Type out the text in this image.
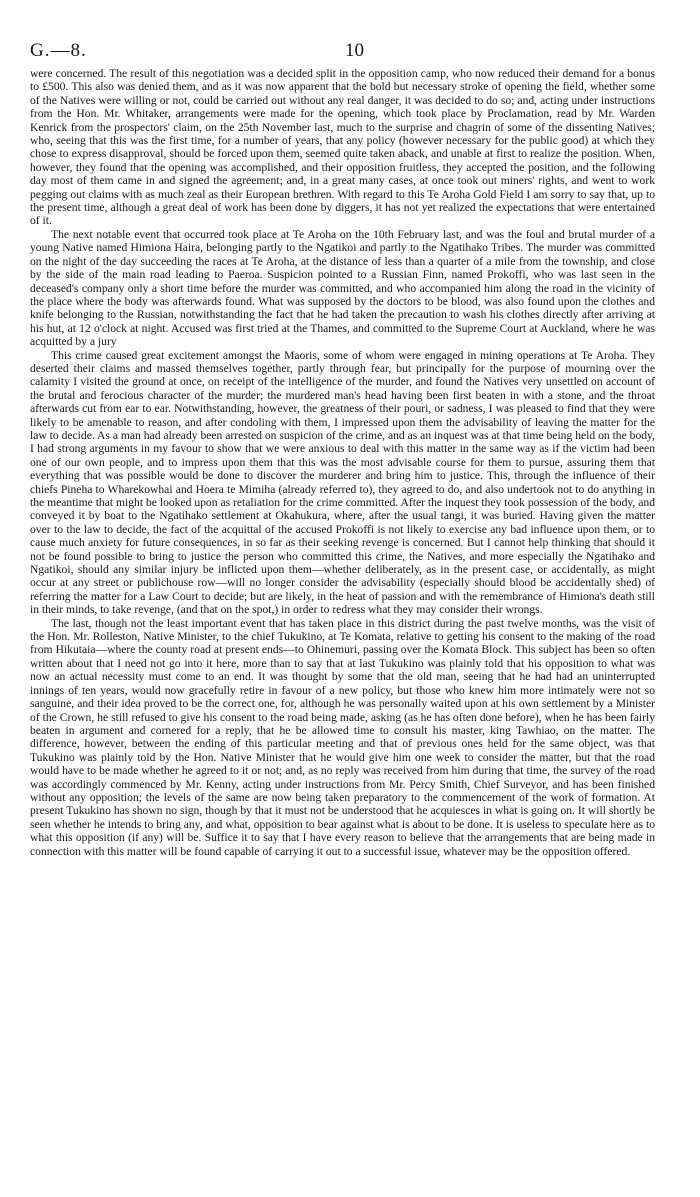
G.—8.	10

were concerned. The result of this negotiation was a decided split in the opposition camp, who now reduced their demand for a bonus to £500. This also was denied them, and as it was now apparent that the bold but necessary stroke of opening the field, whether some of the Natives were willing or not, could be carried out without any real danger, it was decided to do so; and, acting under instructions from the Hon. Mr. Whitaker, arrangements were made for the opening, which took place by Proclamation, read by Mr. Warden Kenrick from the prospectors' claim, on the 25th November last, much to the surprise and chagrin of some of the dissenting Natives; who, seeing that this was the first time, for a number of years, that any policy (however necessary for the public good) at which they chose to express disapproval, should be forced upon them, seemed quite taken aback, and unable at first to realize the position. When, however, they found that the opening was accomplished, and their opposition fruitless, they accepted the position, and the following day most of them came in and signed the agreement; and, in a great many cases, at once took out miners' rights, and went to work pegging out claims with as much zeal as their European brethren. With regard to this Te Aroha Gold Field I am sorry to say that, up to the present time, although a great deal of work has been done by diggers, it has not yet realized the expectations that were entertained of it.

The next notable event that occurred took place at Te Aroha on the 10th February last, and was the foul and brutal murder of a young Native named Himiona Haira, belonging partly to the Ngatikoi and partly to the Ngatihako Tribes. The murder was committed on the night of the day succeeding the races at Te Aroha, at the distance of less than a quarter of a mile from the township, and close by the side of the main road leading to Paeroa. Suspicion pointed to a Russian Finn, named Prokoffi, who was last seen in the deceased's company only a short time before the murder was committed, and who accompanied him along the road in the vicinity of the place where the body was afterwards found. What was supposed by the doctors to be blood, was also found upon the clothes and knife belonging to the Russian, notwithstanding the fact that he had taken the precaution to wash his clothes directly after arriving at his hut, at 12 o'clock at night. Accused was first tried at the Thames, and committed to the Supreme Court at Auckland, where he was acquitted by a jury

This crime caused great excitement amongst the Maoris, some of whom were engaged in mining operations at Te Aroha. They deserted their claims and massed themselves together, partly through fear, but principally for the purpose of mourning over the calamity I visited the ground at once, on receipt of the intelligence of the murder, and found the Natives very unsettled on account of the brutal and ferocious character of the murder; the murdered man's head having been first beaten in with a stone, and the throat afterwards cut from ear to ear. Notwithstanding, however, the greatness of their pouri, or sadness, I was pleased to find that they were likely to be amenable to reason, and after condoling with them, I impressed upon them the advisability of leaving the matter for the law to decide. As a man had already been arrested on suspicion of the crime, and as an inquest was at that time being held on the body, I had strong arguments in my favour to show that we were anxious to deal with this matter in the same way as if the victim had been one of our own people, and to impress upon them that this was the most advisable course for them to pursue, assuring them that everything that was possible would be done to discover the murderer and bring him to justice. This, through the influence of their chiefs Pineha to Wharekowhai and Hoera te Mimiha (already referred to), they agreed to do, and also undertook not to do anything in the meantime that might be looked upon as retaliation for the crime committed. After the inquest they took possession of the body, and conveyed it by boat to the Ngatihako settlement at Okahukura, where, after the usual tangi, it was buried. Having given the matter over to the law to decide, the fact of the acquittal of the accused Prokoffi is not likely to exercise any bad influence upon them, or to cause much anxiety for future consequences, in so far as their seeking revenge is concerned. But I cannot help thinking that should it not be found possible to bring to justice the person who committed this crime, the Natives, and more especially the Ngatihako and Ngatikoi, should any similar injury be inflicted upon them—whether deliberately, as in the present case, or accidentally, as might occur at any street or publichouse row—will no longer consider the advisability (especially should blood be accidentally shed) of referring the matter for a Law Court to decide; but are likely, in the heat of passion and with the remembrance of Himiona's death still in their minds, to take revenge, (and that on the spot,) in order to redress what they may consider their wrongs.

The last, though not the least important event that has taken place in this district during the past twelve months, was the visit of the Hon. Mr. Rolleston, Native Minister, to the chief Tukukino, at Te Komata, relative to getting his consent to the making of the road from Hikutaia—where the county road at present ends—to Ohinemuri, passing over the Komata Block. This subject has been so often written about that I need not go into it here, more than to say that at last Tukukino was plainly told that his opposition to what was now an actual necessity must come to an end. It was thought by some that the old man, seeing that he had had an uninterrupted innings of ten years, would now gracefully retire in favour of a new policy, but those who knew him more intimately were not so sanguine, and their idea proved to be the correct one, for, although he was personally waited upon at his own settlement by a Minister of the Crown, he still refused to give his consent to the road being made, asking (as he has often done before), when he has been fairly beaten in argument and cornered for a reply, that he be allowed time to consult his master, king Tawhiao, on the matter. The difference, however, between the ending of this particular meeting and that of previous ones held for the same object, was that Tukukino was plainly told by the Hon. Native Minister that he would give him one week to consider the matter, but that the road would have to be made whether he agreed to it or not; and, as no reply was received from him during that time, the survey of the road was accordingly commenced by Mr. Kenny, acting under instructions from Mr. Percy Smith, Chief Surveyor, and has been finished without any opposition; the levels of the same are now being taken preparatory to the commencement of the work of formation. At present Tukukino has shown no sign, though by that it must not be understood that he acquiesces in what is going on. It will shortly be seen whether he intends to bring any, and what, opposition to bear against what is about to be done. It is useless to speculate here as to what this opposition (if any) will be. Suffice it to say that I have every reason to believe that the arrangements that are being made in connection with this matter will be found capable of carrying it out to a successful issue, whatever may be the opposition offered.
